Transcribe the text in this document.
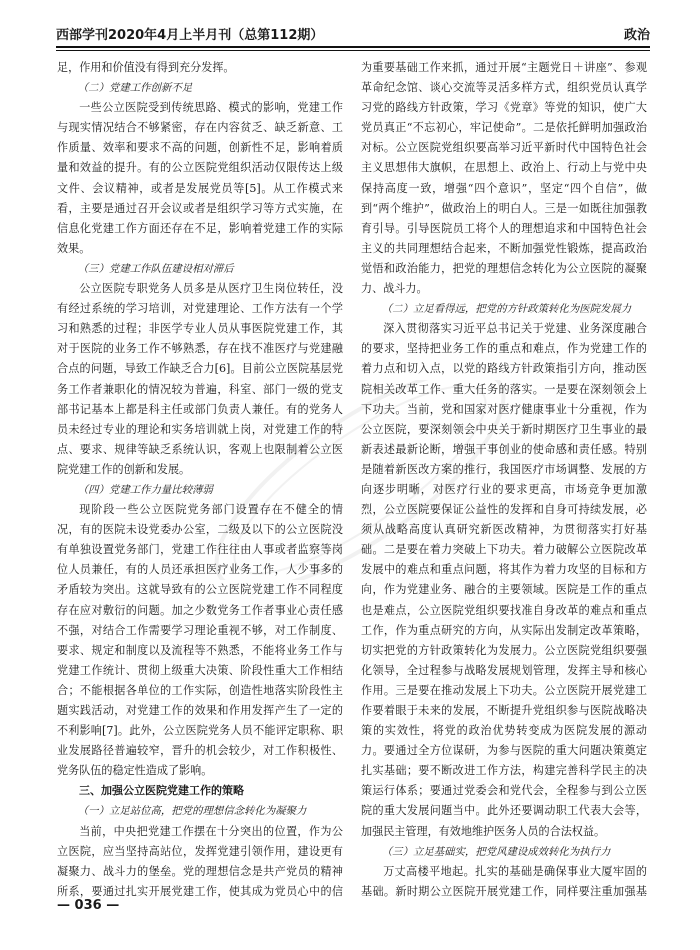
西部学刊2020年4月上半月刊（总第112期）	政治

足，作用和价值没有得到充分发挥。

（二）党建工作创新不足

一些公立医院受到传统思路、模式的影响，党建工作与现实情况结合不够紧密，存在内容贫乏、缺乏新意、工作质量、效率和要求不高的问题，创新性不足，影响着质量和效益的提升。有的公立医院党组织活动仅限传达上级文件、会议精神，或者是发展党员等[5]。从工作模式来看，主要是通过召开会议或者是组织学习等方式实施，在信息化党建工作方面还存在不足，影响着党建工作的实际效果。

（三）党建工作队伍建设相对滞后

公立医院专职党务人员多是从医疗卫生岗位转任，没有经过系统的学习培训，对党建理论、工作方法有一个学习和熟悉的过程；非医学专业人员从事医院党建工作，其对于医院的业务工作不够熟悉，存在找不准医疗与党建融合点的问题，导致工作缺乏合力[6]。目前公立医院基层党务工作者兼职化的情况较为普遍，科室、部门一级的党支部书记基本上都是科主任或部门负责人兼任。有的党务人员未经过专业的理论和实务培训就上岗，对党建工作的特点、要求、规律等缺乏系统认识，客观上也限制着公立医院党建工作的创新和发展。

（四）党建工作力量比较薄弱

现阶段一些公立医院党务部门设置存在不健全的情况，有的医院未设党委办公室，二级及以下的公立医院没有单独设置党务部门，党建工作往往由人事或者监察等岗位人员兼任，有的人员还承担医疗业务工作，人少事多的矛盾较为突出。这就导致有的公立医院党建工作不同程度存在应对敷衍的问题。加之少数党务工作者事业心责任感不强，对结合工作需要学习理论重视不够，对工作制度、要求、规定和制度以及流程等不熟悉，不能将业务工作与党建工作统计、贯彻上级重大决策、阶段性重大工作相结合；不能根据各单位的工作实际，创造性地落实阶段性主题实践活动，对党建工作的效果和作用发挥产生了一定的不利影响[7]。此外，公立医院党务人员不能评定职称、职业发展路径普遍较窄，晋升的机会较少，对工作积极性、党务队伍的稳定性造成了影响。

三、加强公立医院党建工作的策略

（一）立足站位高，把党的理想信念转化为凝聚力

当前，中央把党建工作摆在十分突出的位置，作为公立医院，应当坚持高站位，发挥党建引领作用，建设更有凝聚力、战斗力的堡垒。党的理想信念是共产党员的精神所系，要通过扎实开展党建工作，使其成为党员心中的信

为重要基础工作来抓，通过开展“主题党日＋讲座”、参观革命纪念馆、谈心交流等灵活多样方式，组织党员认真学习党的路线方针政策，学习《党章》等党的知识，使广大党员真正“不忘初心，牢记使命”。二是依托鲜明加强政治对标。公立医院党组织要高举习近平新时代中国特色社会主义思想伟大旗帜，在思想上、政治上、行动上与党中央保持高度一致，增强“四个意识”，坚定“四个自信”，做到“两个维护”，做政治上的明白人。三是一如既往加强教育引导。引导医院员工将个人的理想追求和中国特色社会主义的共同理想结合起来，不断加强党性锻炼，提高政治觉悟和政治能力，把党的理想信念转化为公立医院的凝聚力、战斗力。

（二）立足看得远，把党的方针政策转化为医院发展力

深入贯彻落实习近平总书记关于党建、业务深度融合的要求，坚持把业务工作的重点和难点，作为党建工作的着力点和切入点，以党的路线方针政策指引方向，推动医院相关改革工作、重大任务的落实。一是要在深刻领会上下功夫。当前，党和国家对医疗健康事业十分重视，作为公立医院，要深刻领会中央关于新时期医疗卫生事业的最新表述最新论断，增强干事创业的使命感和责任感。特别是随着新医改方案的推行，我国医疗市场调整、发展的方向逐步明晰，对医疗行业的要求更高，市场竞争更加激烈，公立医院要保证公益性的发挥和自身可持续发展，必须从战略高度认真研究新医改精神，为贯彻落实打好基础。二是要在着力突破上下功夫。着力破解公立医院改革发展中的难点和重点问题，将其作为着力攻坚的目标和方向，作为党建业务、融合的主要领域。医院是工作的重点也是难点，公立医院党组织要找准自身改革的难点和重点工作，作为重点研究的方向，从实际出发制定改革策略，切实把党的方针政策转化为发展力。公立医院党组织要强化领导，全过程参与战略发展规划管理，发挥主导和核心作用。三是要在推动发展上下功夫。公立医院开展党建工作要着眼于未来的发展，不断提升党组织参与医院战略决策的实效性，将党的政治优势转变成为医院发展的源动力。要通过全方位谋研，为参与医院的重大问题决策奠定扎实基础；要不断改进工作方法，构建完善科学民主的决策运行体系；要通过党委会和党代会，全程参与到公立医院的重大发展问题当中。此外还要调动职工代表大会等，加强民主管理，有效地维护医务人员的合法权益。

（三）立足基础实，把党风建设成效转化为执行力

万丈高楼平地起。扎实的基础是确保事业大厦牢固的基础。新时期公立医院开展党建工作，同样要注重加强基

— 036 —
